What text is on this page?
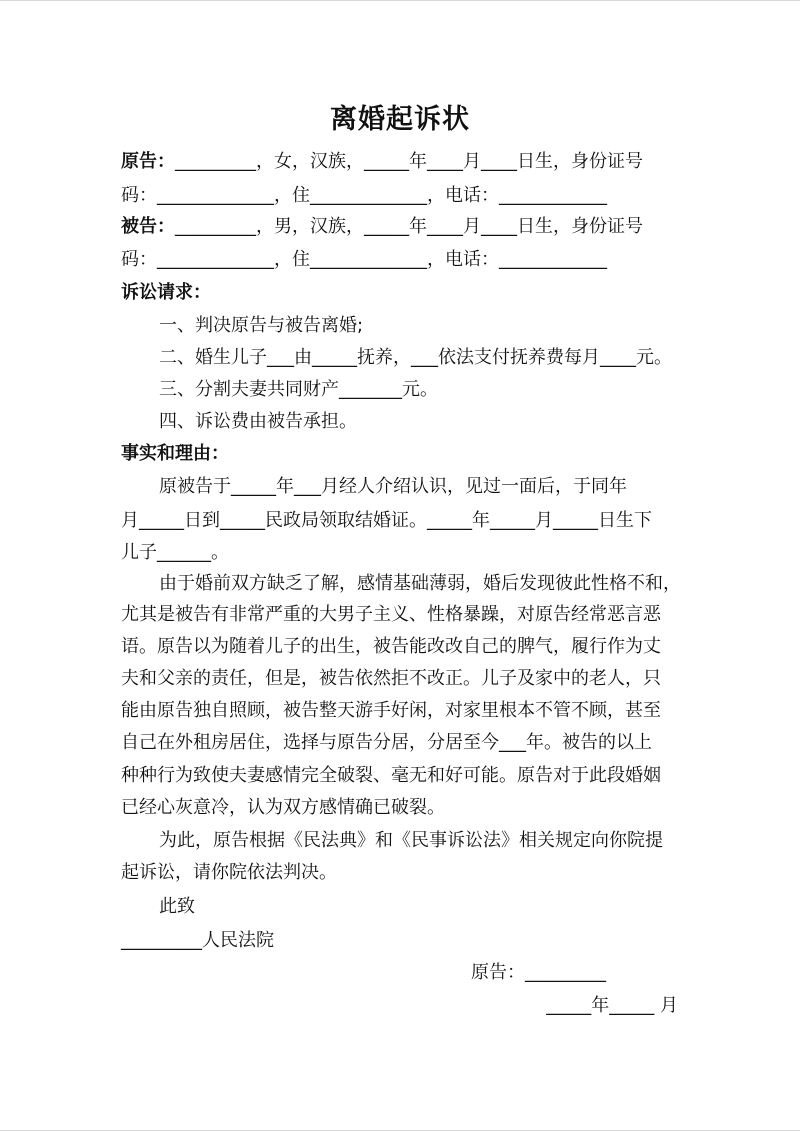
离婚起诉状
原告：_________，女，汉族，_____年____月____日生，身份证号
码：_____________，住_____________，电话：____________
被告：_________，男，汉族，_____年____月____日生，身份证号
码：_____________，住_____________，电话：____________
诉讼请求：
一、判决原告与被告离婚;
二、婚生儿子___由_____抚养，___依法支付抚养费每月____元。
三、分割夫妻共同财产_______元。
四、诉讼费由被告承担。
事实和理由：
原被告于_____年___月经人介绍认识，见过一面后，于同年
月_____日到_____民政局领取结婚证。_____年_____月_____日生下
儿子______。
由于婚前双方缺乏了解，感情基础薄弱，婚后发现彼此性格不和，
尤其是被告有非常严重的大男子主义、性格暴躁，对原告经常恶言恶
语。原告以为随着儿子的出生，被告能改改自己的脾气，履行作为丈
夫和父亲的责任，但是，被告依然拒不改正。儿子及家中的老人，只
能由原告独自照顾，被告整天游手好闲，对家里根本不管不顾，甚至
自己在外租房居住，选择与原告分居，分居至今___年。被告的以上
种种行为致使夫妻感情完全破裂、毫无和好可能。原告对于此段婚姻
已经心灰意冷，认为双方感情确已破裂。
为此，原告根据《民法典》和《民事诉讼法》相关规定向你院提
起诉讼，请你院依法判决。
此致
_________人民法院
原告：_________
_____年_____ 月
